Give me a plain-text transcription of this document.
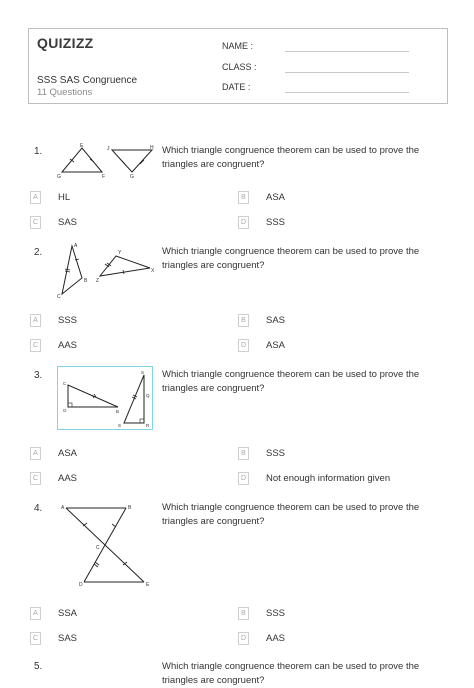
QUIZIZZ
SSS SAS Congruence
11 Questions
NAME :
CLASS :
DATE :
1.	E
G	F
J	H
G
Which triangle congruence theorem can be used to prove the triangles are congruent?
A	HL	B	ASA
C	SAS	D	SSS
2.
A
B
C
Y
Z
X
Which triangle congruence theorem can be used to prove the triangles are congruent?
A	SSS	B	SAS
C	AAS	D	ASA
3.	S
C
G	B
S	R
Q
Which triangle congruence theorem can be used to prove the triangles are congruent?
A	ASA	B	SSS
C	AAS	D	Not enough information given
4.	A	B
C
D	E
Which triangle congruence theorem can be used to prove the triangles are congruent?
A	SSA	B	SSS
C	SAS	D	AAS
5.	Which triangle congruence theorem can be used to prove the triangles are congruent?
